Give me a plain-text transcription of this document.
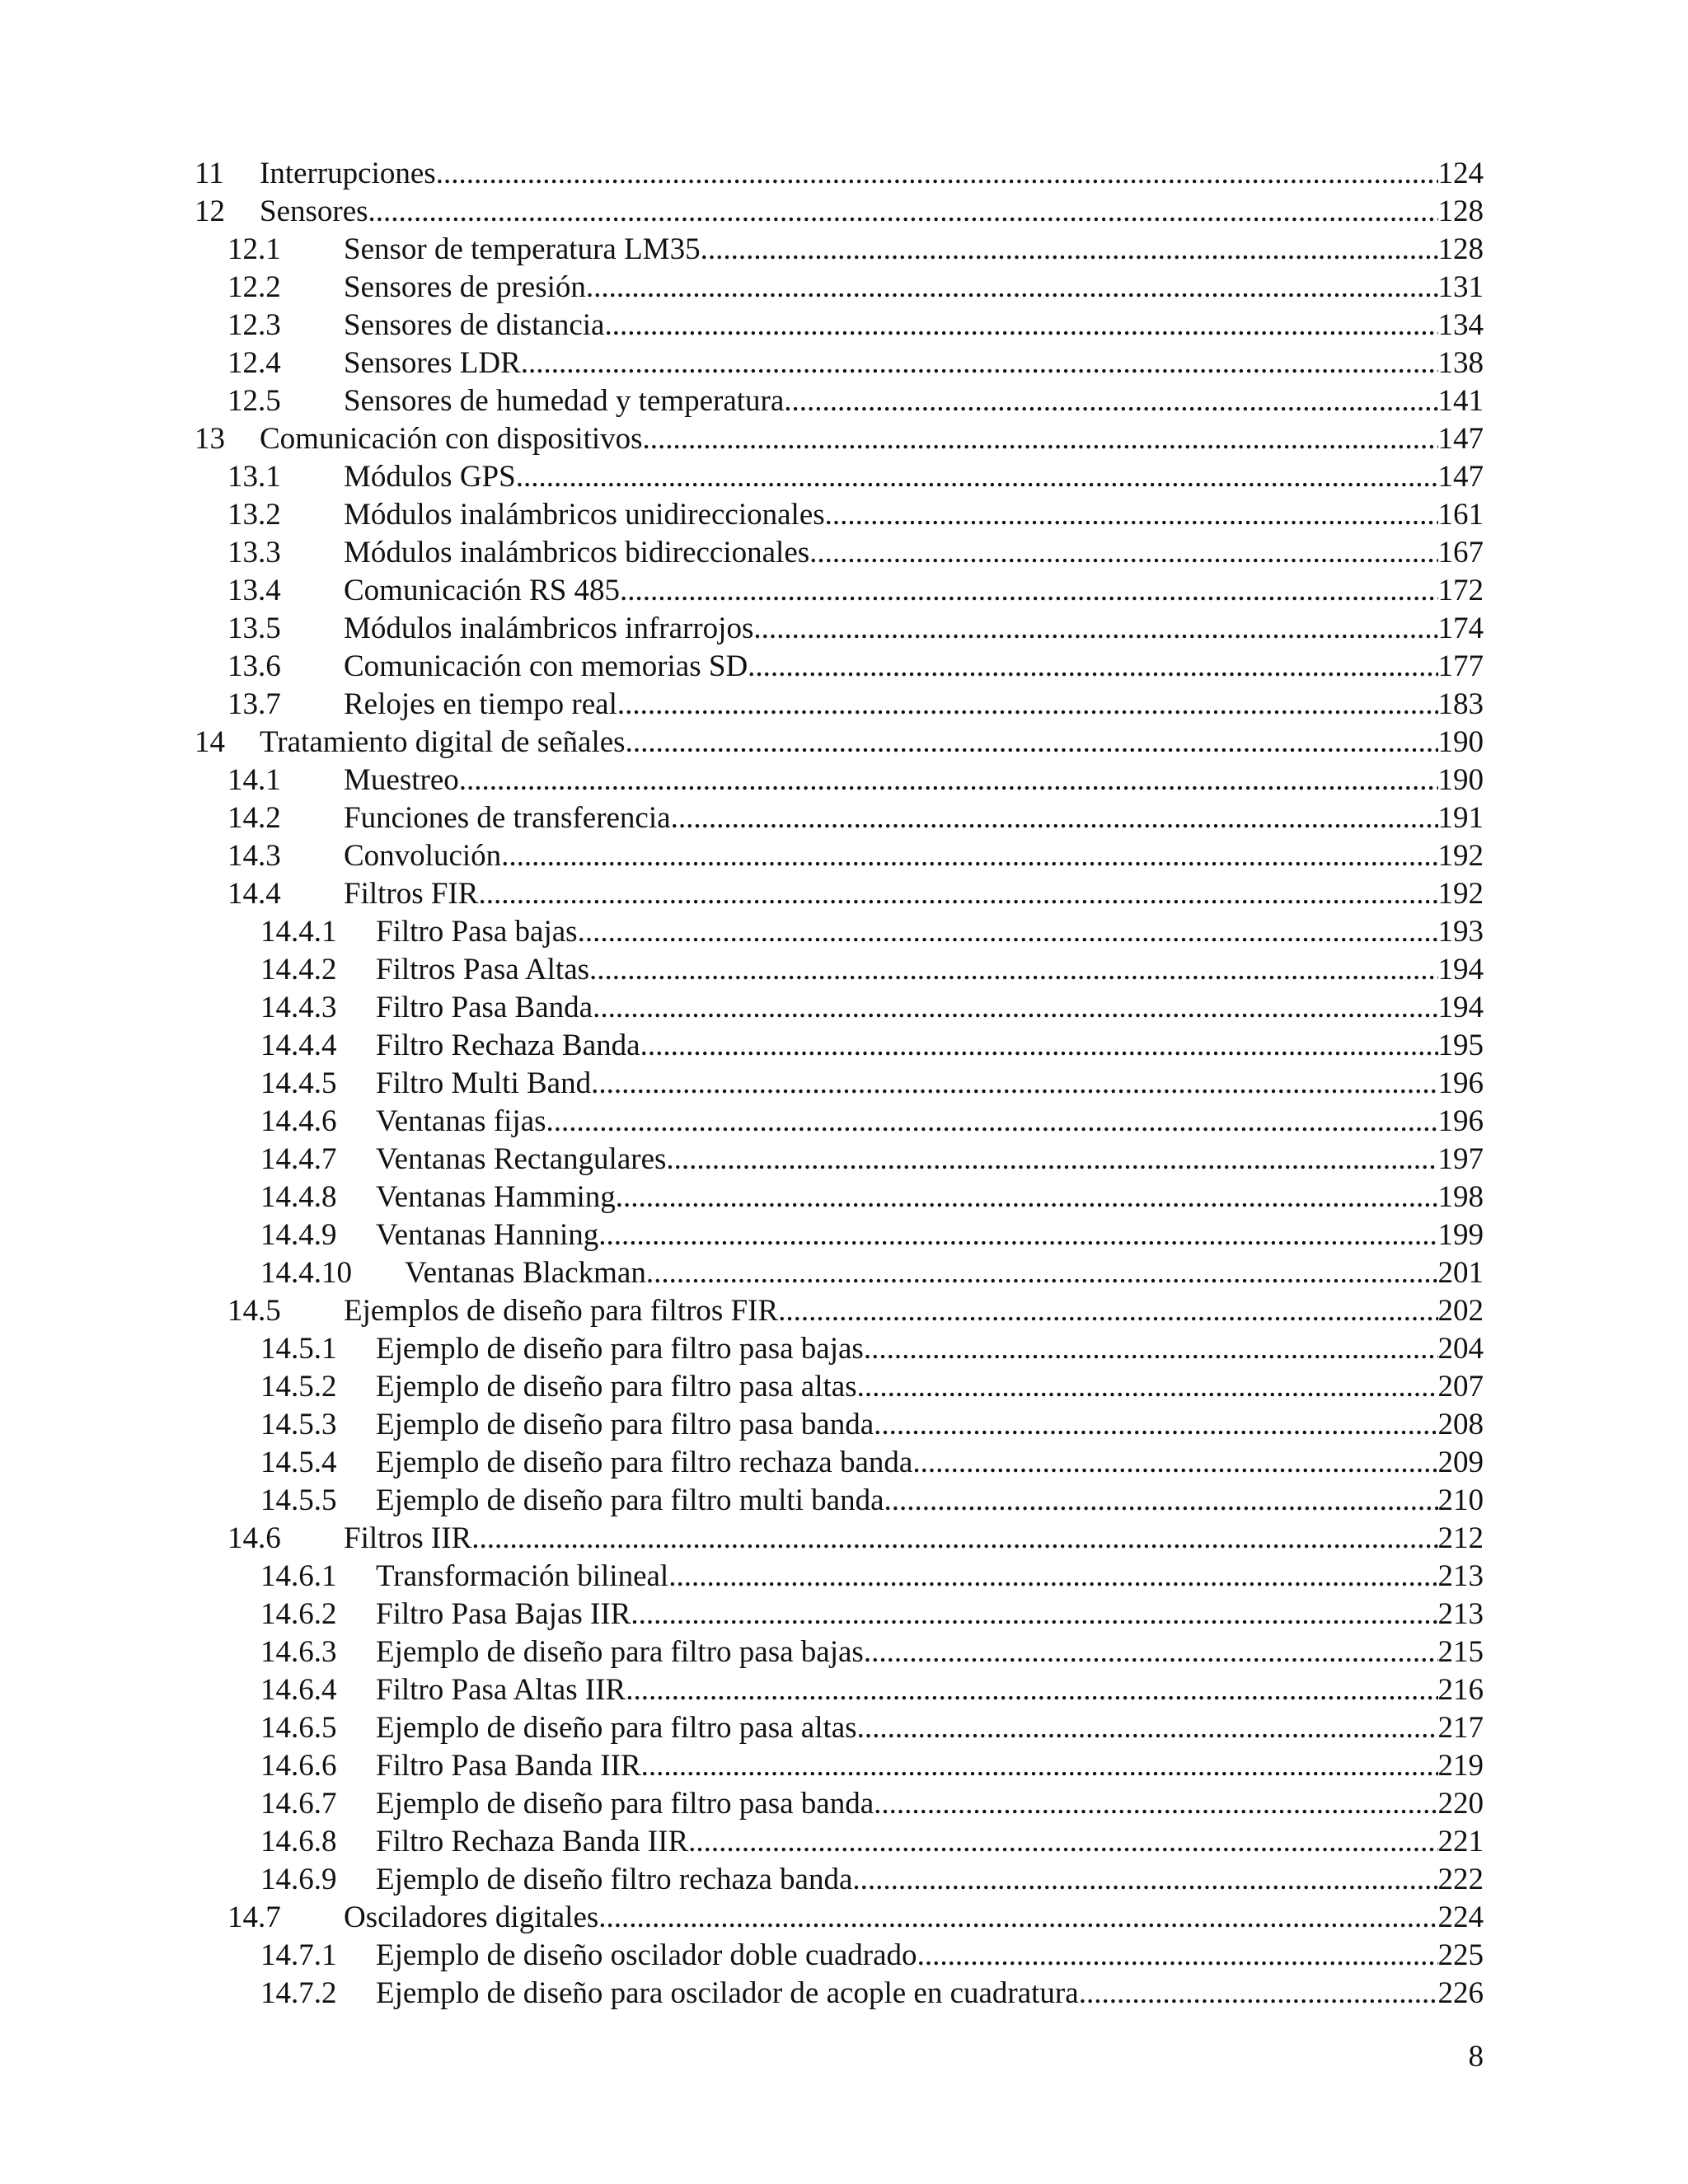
11	Interrupciones .....	124
12	Sensores .....	128
12.1	Sensor de temperatura LM35 .....	128
12.2	Sensores de presión .....	131
12.3	Sensores de distancia .....	134
12.4	Sensores LDR .....	138
12.5	Sensores de humedad y temperatura .....	141
13	Comunicación con dispositivos .....	147
13.1	Módulos GPS .....	147
13.2	Módulos inalámbricos unidireccionales .....	161
13.3	Módulos inalámbricos bidireccionales .....	167
13.4	Comunicación RS 485 .....	172
13.5	Módulos inalámbricos infrarrojos .....	174
13.6	Comunicación con memorias SD .....	177
13.7	Relojes en tiempo real .....	183
14	Tratamiento digital de señales .....	190
14.1	Muestreo .....	190
14.2	Funciones de transferencia .....	191
14.3	Convolución .....	192
14.4	Filtros FIR .....	192
14.4.1	Filtro Pasa bajas .....	193
14.4.2	Filtros Pasa Altas .....	194
14.4.3	Filtro Pasa Banda .....	194
14.4.4	Filtro Rechaza Banda .....	195
14.4.5	Filtro Multi Band .....	196
14.4.6	Ventanas fijas .....	196
14.4.7	Ventanas Rectangulares .....	197
14.4.8	Ventanas Hamming .....	198
14.4.9	Ventanas Hanning .....	199
14.4.10	Ventanas Blackman .....	201
14.5	Ejemplos de diseño para filtros FIR .....	202
14.5.1	Ejemplo de diseño para filtro pasa bajas .....	204
14.5.2	Ejemplo de diseño para filtro pasa altas .....	207
14.5.3	Ejemplo de diseño para filtro pasa banda .....	208
14.5.4	Ejemplo de diseño para filtro rechaza banda .....	209
14.5.5	Ejemplo de diseño para filtro multi banda .....	210
14.6	Filtros IIR .....	212
14.6.1	Transformación bilineal .....	213
14.6.2	Filtro Pasa Bajas IIR .....	213
14.6.3	Ejemplo de diseño para filtro pasa bajas .....	215
14.6.4	Filtro Pasa Altas IIR .....	216
14.6.5	Ejemplo de diseño para filtro pasa altas .....	217
14.6.6	Filtro Pasa Banda IIR .....	219
14.6.7	Ejemplo de diseño para filtro pasa banda .....	220
14.6.8	Filtro Rechaza Banda IIR .....	221
14.6.9	Ejemplo de diseño filtro rechaza banda .....	222
14.7	Osciladores digitales .....	224
14.7.1	Ejemplo de diseño oscilador doble cuadrado .....	225
14.7.2	Ejemplo de diseño para oscilador de acople en cuadratura .....	226
8
